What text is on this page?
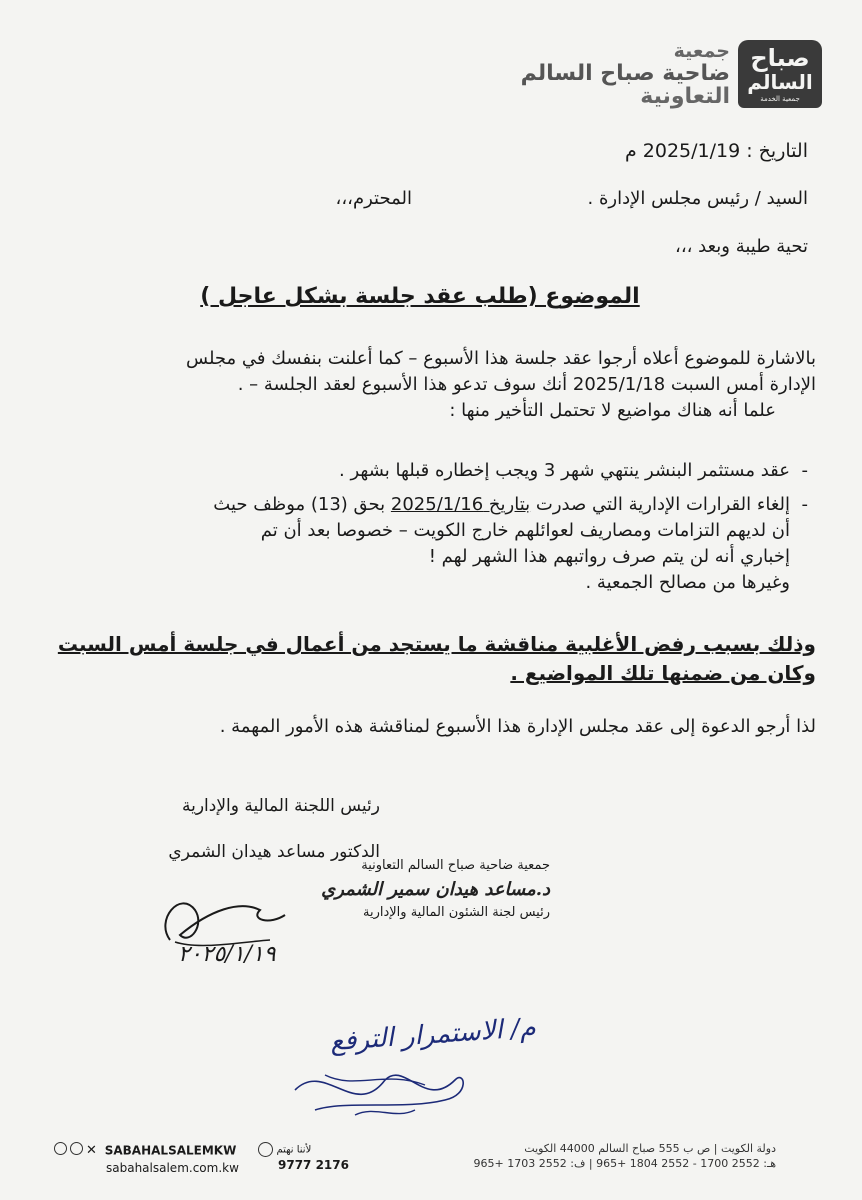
صباح
السالم
جمعية الخدمة
جمعية
ضاحية صباح السالم
التعاونية
التاريخ : 2025/1/19 م
السيد / رئيس مجلس الإدارة .
المحترم،،،
تحية طيبة وبعد ،،،
الموضوع (طلب عقد جلسة بشكل عاجل )
بالاشارة للموضوع أعلاه أرجوا عقد جلسة هذا الأسبوع – كما أعلنت بنفسك في مجلس
الإدارة أمس السبت 2025/1/18 أنك سوف تدعو هذا الأسبوع لعقد الجلسة – .
علما أنه هناك مواضيع لا تحتمل التأخير منها :
- عقد مستثمر البنشر ينتهي شهر 3 ويجب إخطاره قبلها بشهر .
- إلغاء القرارات الإدارية التي صدرت بتاريخ 2025/1/16 بحق (13) موظف حيث
أن لديهم التزامات ومصاريف لعوائلهم خارج الكويت – خصوصا بعد أن تم
إخباري أنه لن يتم صرف رواتبهم هذا الشهر لهم !
وغيرها من مصالح الجمعية .
وذلك بسبب رفض الأغلبية مناقشة ما يستجد من أعمال في جلسة أمس السبت
وكان من ضمنها تلك المواضيع .
لذا أرجو الدعوة إلى عقد مجلس الإدارة هذا الأسبوع لمناقشة هذه الأمور المهمة .
رئيس اللجنة المالية والإدارية
الدكتور مساعد هيدان الشمري
جمعية ضاحية صباح السالم التعاونية
د.مساعد هيدان سمير الشمري
رئيس لجنة الشئون المالية والإدارية
٢٠٢٥/١/١٩
م/ الاستمرار الترفع
✕ SABAHALSALEMKW
sabahalsalem.com.kw
لأننا نهتم
9777 2176
دولة الكويت | ص ب 555 صباح السالم 44000 الكويت
هـ: 2552 1700 - 2552 1804 +965 | ف: 2552 1703 +965
